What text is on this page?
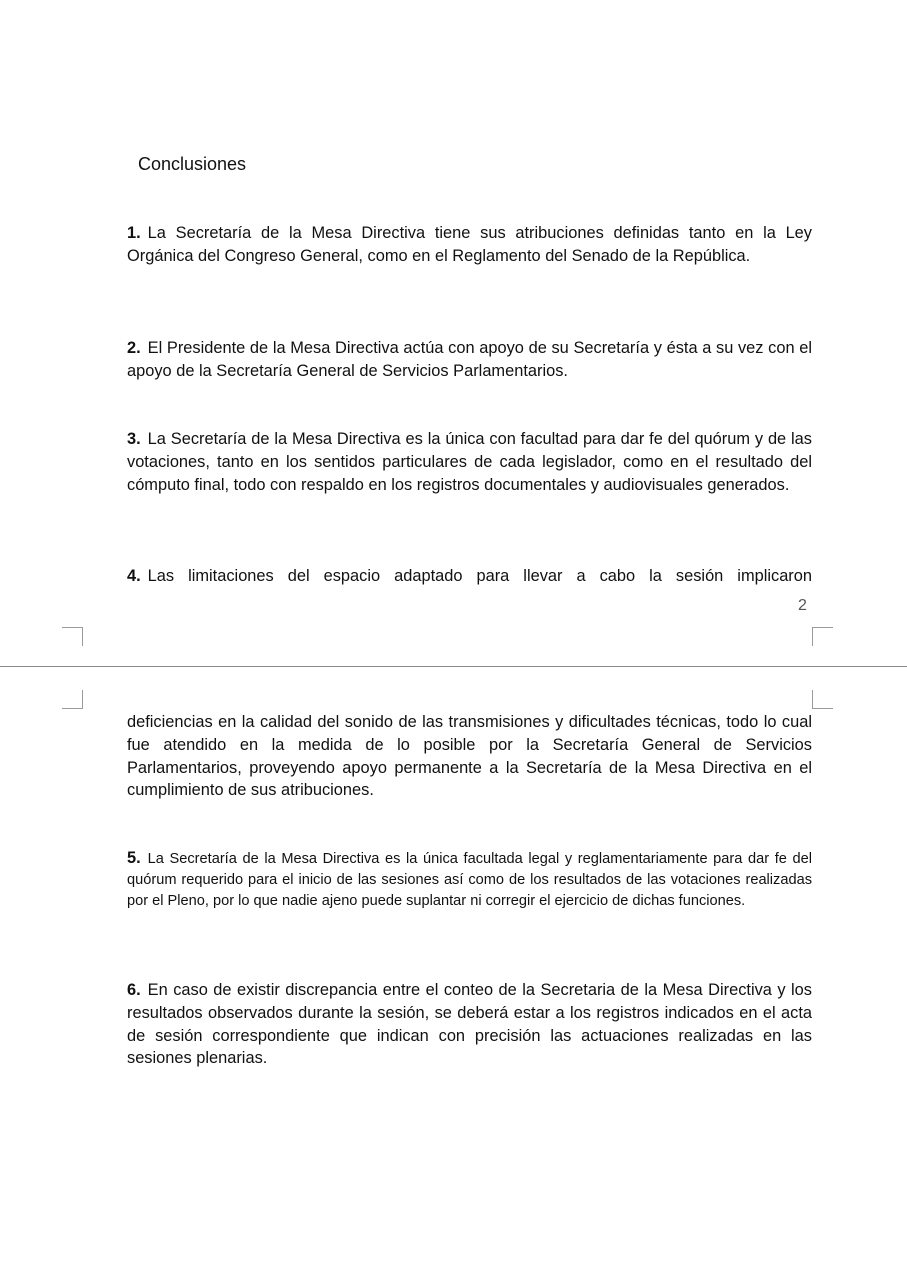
Conclusiones

1. La Secretaría de la Mesa Directiva tiene sus atribuciones definidas tanto en la Ley Orgánica del Congreso General, como en el Reglamento del Senado de la República.

2. El Presidente de la Mesa Directiva actúa con apoyo de su Secretaría y ésta a su vez con el apoyo de la Secretaría General de Servicios Parlamentarios.

3. La Secretaría de la Mesa Directiva es la única con facultad para dar fe del quórum y de las votaciones, tanto en los sentidos particulares de cada legislador, como en el resultado del cómputo final, todo con respaldo en los registros documentales y audiovisuales generados.

4. Las limitaciones del espacio adaptado para llevar a cabo la sesión implicaron

2

deficiencias en la calidad del sonido de las transmisiones y dificultades técnicas, todo lo cual fue atendido en la medida de lo posible por la Secretaría General de Servicios Parlamentarios, proveyendo apoyo permanente a la Secretaría de la Mesa Directiva en el cumplimiento de sus atribuciones.

5. La Secretaría de la Mesa Directiva es la única facultada legal y reglamentariamente para dar fe del quórum requerido para el inicio de las sesiones así como de los resultados de las votaciones realizadas por el Pleno, por lo que nadie ajeno puede suplantar ni corregir el ejercicio de dichas funciones.

6. En caso de existir discrepancia entre el conteo de la Secretaria de la Mesa Directiva y los resultados observados durante la sesión, se deberá estar a los registros indicados en el acta de sesión correspondiente que indican con precisión las actuaciones realizadas en las sesiones plenarias.
